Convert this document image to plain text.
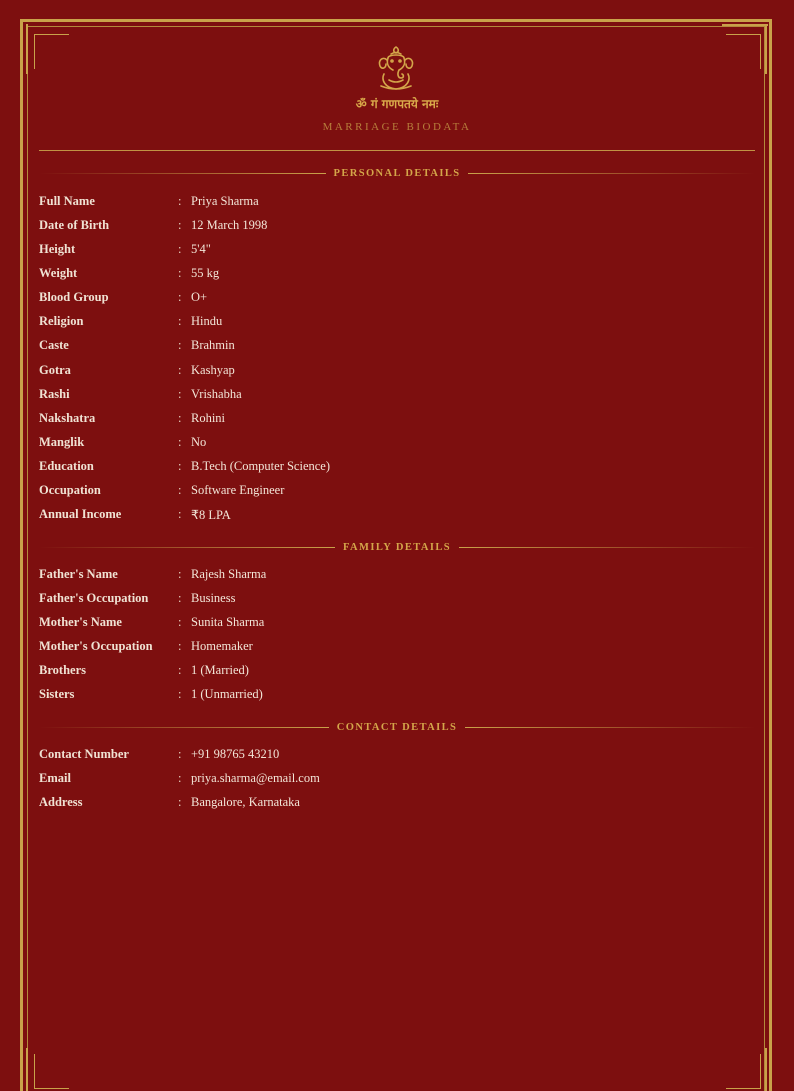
ॐ गं गणपतये नमः
MARRIAGE BIODATA
PERSONAL DETAILS
Full Name	: Priya Sharma
Date of Birth	: 12 March 1998
Height	: 5'4"
Weight	: 55 kg
Blood Group	: O+
Religion	: Hindu
Caste	: Brahmin
Gotra	: Kashyap
Rashi	: Vrishabha
Nakshatra	: Rohini
Manglik	: No
Education	: B.Tech (Computer Science)
Occupation	: Software Engineer
Annual Income	: ₹8 LPA
FAMILY DETAILS
Father's Name	: Rajesh Sharma
Father's Occupation	: Business
Mother's Name	: Sunita Sharma
Mother's Occupation	: Homemaker
Brothers	: 1 (Married)
Sisters	: 1 (Unmarried)
CONTACT DETAILS
Contact Number	: +91 98765 43210
Email	: priya.sharma@email.com
Address	: Bangalore, Karnataka
